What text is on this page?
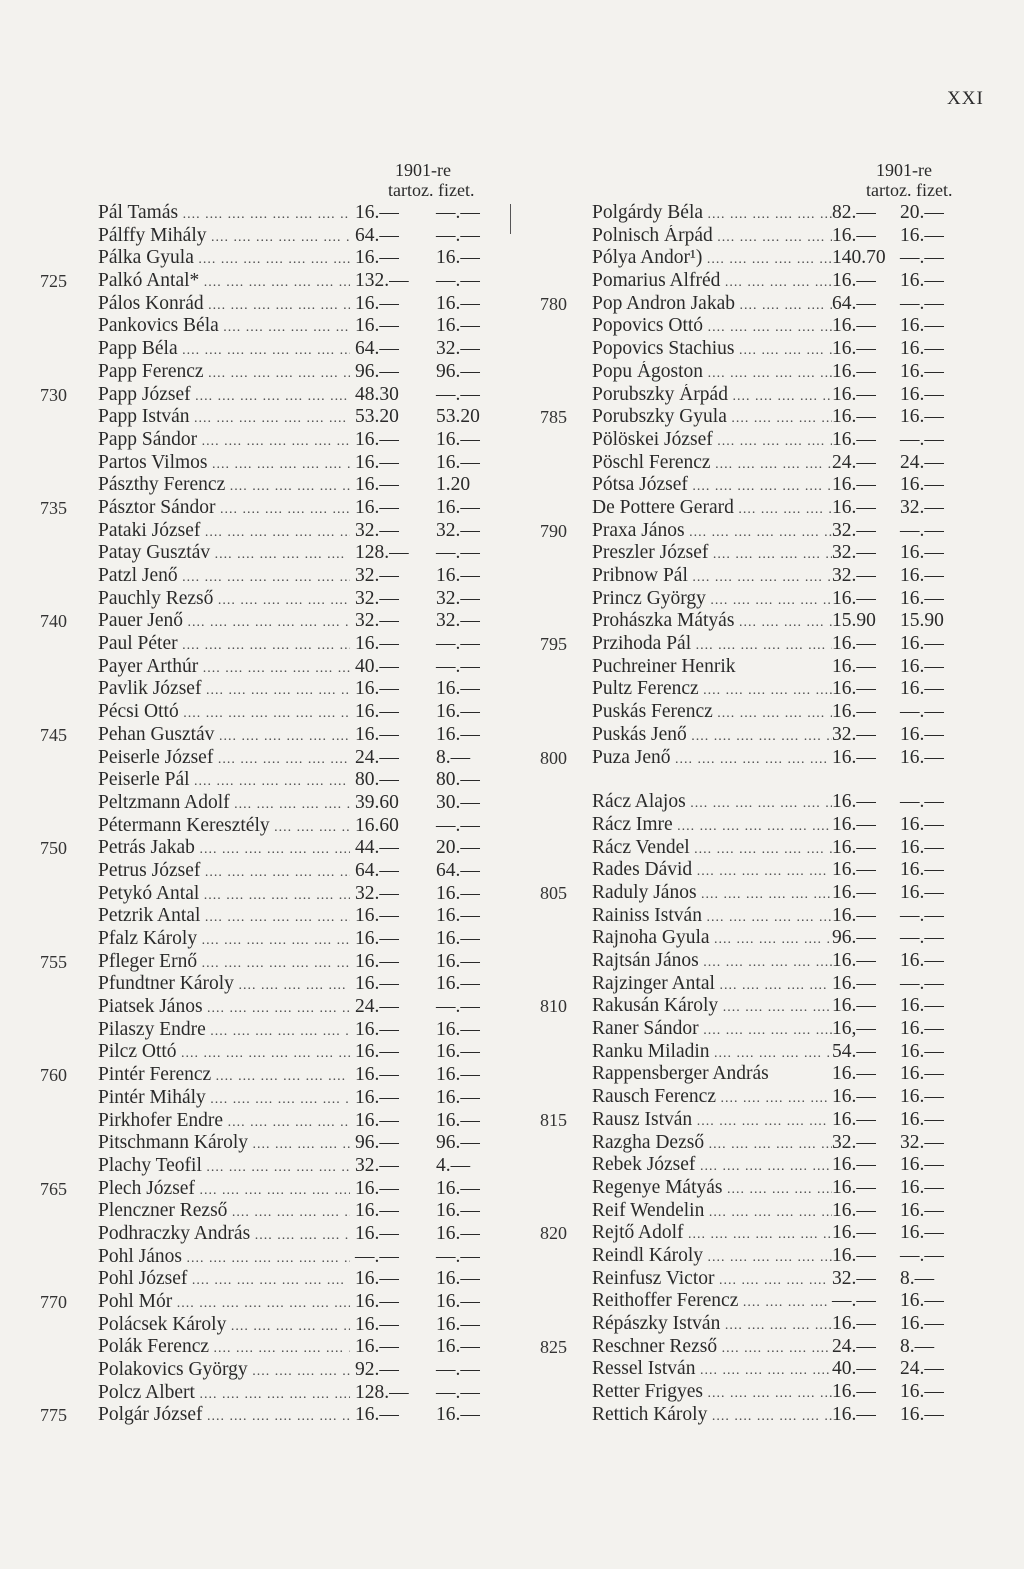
XXI
1901-re
tartoz. fizet.
Pál Tamás ....	16.— —.—
Pálffy Mihály ....	64.— —.—
Pálka Gyula ....	16.— 16.—
725	Palkó Antal* ....	132.— —.—
Pálos Konrád ....	16.— 16.—
Pankovics Béla ....	16.— 16.—
Papp Béla ....	64.— 32.—
Papp Ferencz ....	96.— 96.—
730	Papp József ....	48.30 —.—
Papp István ....	53.20 53.20
Papp Sándor ....	16.— 16.—
Partos Vilmos ....	16.— 16.—
Pászthy Ferencz ....	16.— 1.20
735	Pásztor Sándor ....	16.— 16.—
Pataki József ....	32.— 32.—
Patay Gusztáv ....	128.— —.—
Patzl Jenő ....	32.— 16.—
Pauchly Rezső ....	32.— 32.—
740	Pauer Jenő ....	32.— 32.—
Paul Péter ....	16.— —.—
Payer Arthúr ....	40.— —.—
Pavlik József ....	16.— 16.—
Pécsi Ottó ....	16.— 16.—
745	Pehan Gusztáv ....	16.— 16.—
Peiserle József ....	24.— 8.—
Peiserle Pál ....	80.— 80.—
Peltzmann Adolf ....	39.60 30.—
Pétermann Keresztély ....	16.60 —.—
750	Petrás Jakab ....	44.— 20.—
Petrus József ....	64.— 64.—
Petykó Antal ....	32.— 16.—
Petzrik Antal ....	16.— 16.—
Pfalz Károly ....	16.— 16.—
755	Pfleger Ernő ....	16.— 16.—
Pfundtner Károly ....	16.— 16.—
Piatsek János ....	24.— —.—
Pilaszy Endre ....	16.— 16.—
Pilcz Ottó ....	16.— 16.—
760	Pintér Ferencz ....	16.— 16.—
Pintér Mihály ....	16.— 16.—
Pirkhofer Endre ....	16.— 16.—
Pitschmann Károly ....	96.— 96.—
Plachy Teofil ....	32.— 4.—
765	Plech József ....	16.— 16.—
Plenczner Rezső ....	16.— 16.—
Podhraczky András ....	16.— 16.—
Pohl János ....	—.— —.—
Pohl József ....	16.— 16.—
770	Pohl Mór ....	16.— 16.—
Polácsek Károly ....	16.— 16.—
Polák Ferencz ....	16.— 16.—
Polakovics György ....	92.— —.—
Polcz Albert ....	128.— —.—
775	Polgár József ....	16.— 16.—
1901-re
tartoz. fizet.
Polgárdy Béla ....	82.— 20.—
Polnisch Árpád ....	16.— 16.—
Pólya Andor¹) ....	140.70 —.—
Pomarius Alfréd ....	16.— 16.—
780	Pop Andron Jakab ....	64.— —.—
Popovics Ottó ....	16.— 16.—
Popovics Stachius ....	16.— 16.—
Popu Ágoston ....	16.— 16.—
Porubszky Árpád ....	16.— 16.—
785	Porubszky Gyula ....	16.— 16.—
Pölöskei József ....	16.— —.—
Pöschl Ferencz ....	24.— 24.—
Pótsa József ....	16.— 16.—
De Pottere Gerard ....	16.— 32.—
790	Praxa János ....	32.— —.—
Preszler József ....	32.— 16.—
Pribnow Pál ....	32.— 16.—
Princz György ....	16.— 16.—
Prohászka Mátyás ....	15.90 15.90
795	Przihoda Pál ....	16.— 16.—
Puchreiner Henrik	16.— 16.—
Pultz Ferencz ....	16.— 16.—
Puskás Ferencz ....	16.— —.—
Puskás Jenő ....	32.— 16.—
800	Puza Jenő ....	16.— 16.—
Rácz Alajos ....	16.— —.—
Rácz Imre ....	16.— 16.—
Rácz Vendel ....	16.— 16.—
Rades Dávid ....	16.— 16.—
805	Raduly János ....	16.— 16.—
Rainiss István ....	16.— —.—
Rajnoha Gyula ....	96.— —.—
Rajtsán János ....	16.— 16.—
Rajzinger Antal ....	16.— —.—
810	Rakusán Károly ....	16.— 16.—
Raner Sándor ....	16,— 16.—
Ranku Miladin ....	54.— 16.—
Rappensberger András	16.— 16.—
Rausch Ferencz ....	16.— 16.—
815	Rausz István ....	16.— 16.—
Razgha Dezső ....	32.— 32.—
Rebek József ....	16.— 16.—
Regenye Mátyás ....	16.— 16.—
Reif Wendelin ....	16.— 16.—
820	Rejtő Adolf ....	16.— 16.—
Reindl Károly ....	16.— —.—
Reinfusz Victor ....	32.— 8.—
Reithoffer Ferencz ....	—.— 16.—
Répászky István ....	16.— 16.—
825	Reschner Rezső ....	24.— 8.—
Ressel István ....	40.— 24.—
Retter Frigyes ....	16.— 16.—
Rettich Károly ....	16.— 16.—
